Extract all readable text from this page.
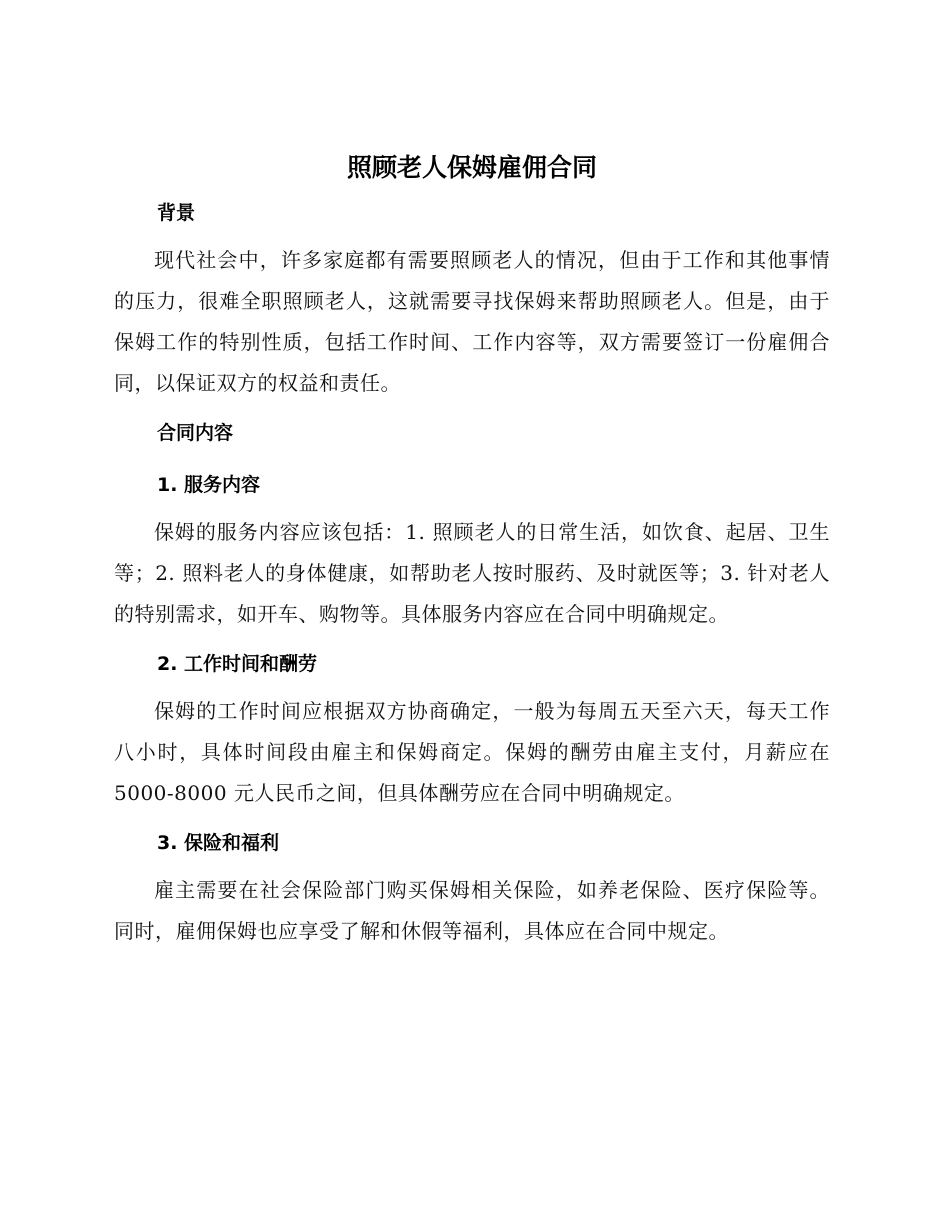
照顾老人保姆雇佣合同
背景

现代社会中，许多家庭都有需要照顾老人的情况，但由于工作和其他事情的压力，很难全职照顾老人，这就需要寻找保姆来帮助照顾老人。但是，由于保姆工作的特别性质，包括工作时间、工作内容等，双方需要签订一份雇佣合同，以保证双方的权益和责任。

合同内容
1. 服务内容

保姆的服务内容应该包括：1. 照顾老人的日常生活，如饮食、起居、卫生等；2. 照料老人的身体健康，如帮助老人按时服药、及时就医等；3. 针对老人的特别需求，如开车、购物等。具体服务内容应在合同中明确规定。

2. 工作时间和酬劳

保姆的工作时间应根据双方协商确定，一般为每周五天至六天，每天工作八小时，具体时间段由雇主和保姆商定。保姆的酬劳由雇主支付，月薪应在 5000-8000 元人民币之间，但具体酬劳应在合同中明确规定。

3. 保险和福利

雇主需要在社会保险部门购买保姆相关保险，如养老保险、医疗保险等。同时，雇佣保姆也应享受了解和休假等福利，具体应在合同中规定。
